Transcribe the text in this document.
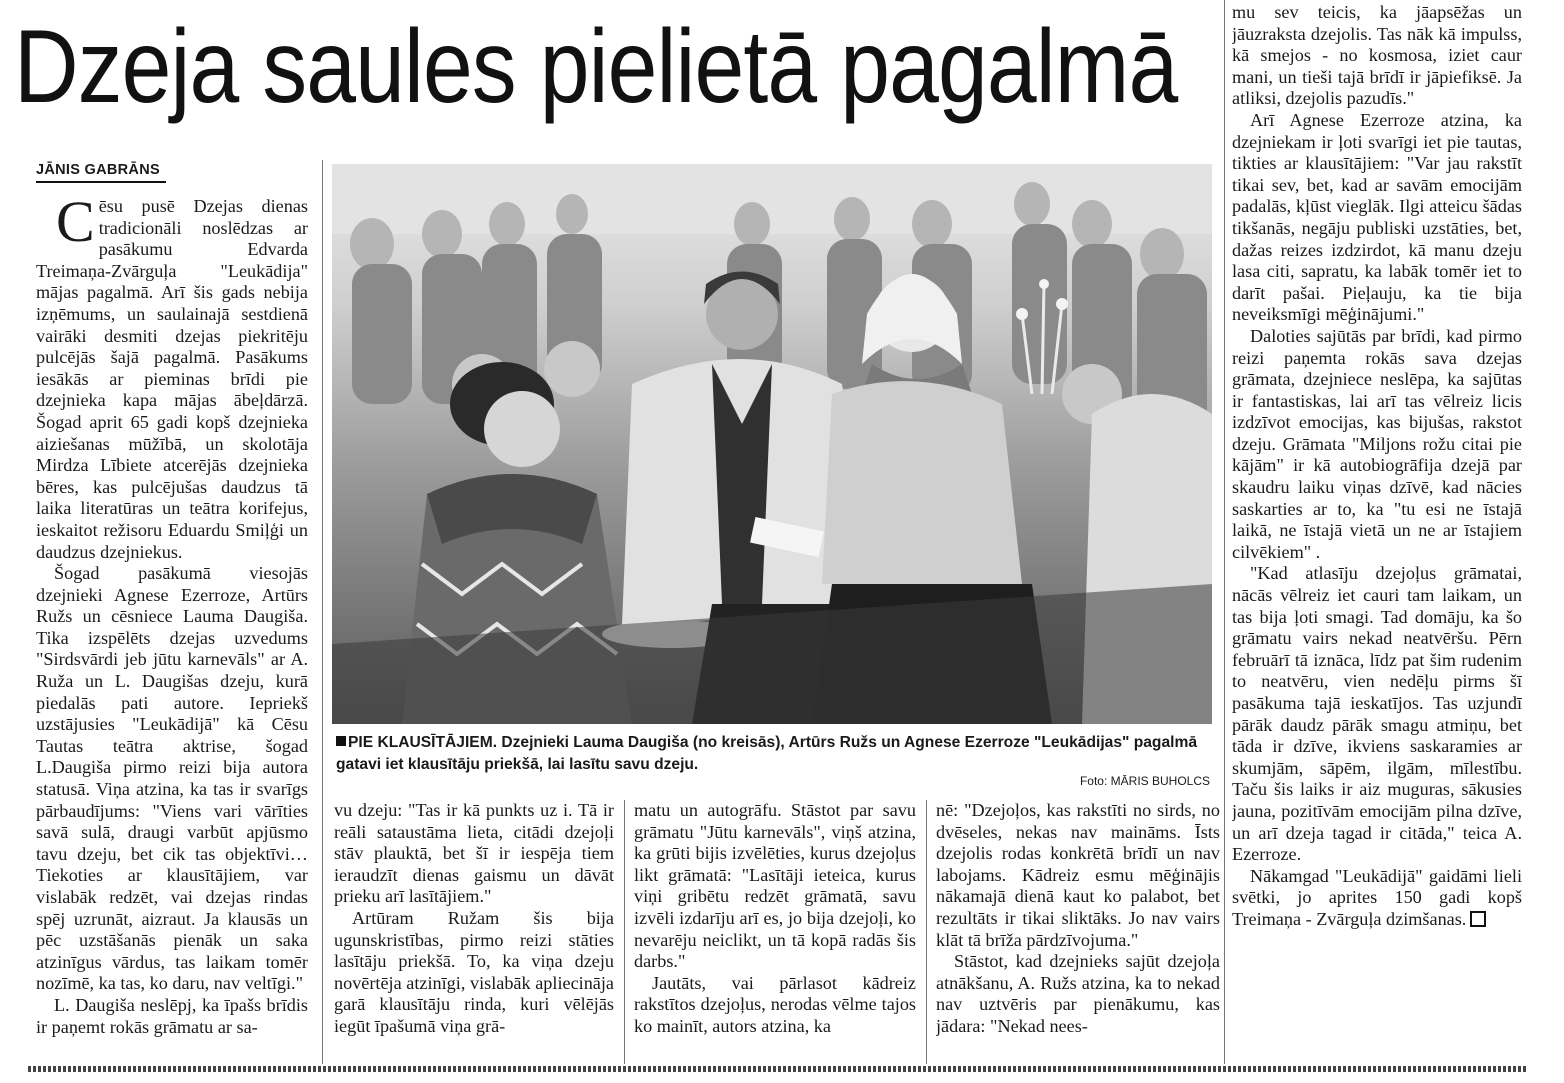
Dzeja saules pielietā pagalmā
JĀNIS GABRĀNS

Cēsu pusē Dzejas dienas tradicionāli noslēdzas ar pasākumu Edvarda Treimaņa-Zvārguļa "Leukādija" mājas pagalmā. Arī šis gads nebija izņēmums, un saulainajā sestdienā vairāki desmiti dzejas piekritēju pulcējās šajā pagalmā. Pasākums iesākās ar pieminas brīdi pie dzejnieka kapa mājas ābeļdārzā. Šogad aprit 65 gadi kopš dzejnieka aiziešanas mūžībā, un skolotāja Mirdza Lībiete atcerējās dzejnieka bēres, kas pulcējušas daudzus tā laika literatūras un teātra korifejus, ieskaitot režisoru Eduardu Smiļģi un daudzus dzejniekus.

Šogad pasākumā viesojās dzejnieki Agnese Ezerroze, Artūrs Ružs un cēsniece Lauma Daugiša. Tika izspēlēts dzejas uzvedums "Sirdsvārdi jeb jūtu karnevāls" ar A. Ruža un L. Daugišas dzeju, kurā piedalās pati autore. Iepriekš uzstājusies "Leukādijā" kā Cēsu Tautas teātra aktrise, šogad L.Daugiša pirmo reizi bija autora statusā. Viņa atzina, ka tas ir svarīgs pārbaudījums: "Viens vari vārīties savā sulā, draugi varbūt apjūsmo tavu dzeju, bet cik tas objektīvi… Tiekoties ar klausītājiem, var vislabāk redzēt, vai dzejas rindas spēj uzrunāt, aizraut. Ja klausās un pēc uzstāšanās pienāk un saka atzinīgus vārdus, tas laikam tomēr nozīmē, ka tas, ko daru, nav veltīgi."

L. Daugiša neslēpj, ka īpašs brīdis ir paņemt rokās grāmatu ar sa-

PIE KLAUSĪTĀJIEM. Dzejnieki Lauma Daugiša (no kreisās), Artūrs Ružs un Agnese Ezerroze "Leukādijas" pagalmā gatavi iet klausītāju priekšā, lai lasītu savu dzeju.
Foto: MĀRIS BUHOLCS

vu dzeju: "Tas ir kā punkts uz i. Tā ir reāli sataustāma lieta, citādi dzejoļi stāv plauktā, bet šī ir iespēja tiem ieraudzīt dienas gaismu un dāvāt prieku arī lasītājiem."

Artūram Ružam šis bija ugunskristības, pirmo reizi stāties lasītāju priekšā. To, ka viņa dzeju novērtēja atzinīgi, vislabāk apliecināja garā klausītāju rinda, kuri vēlējās iegūt īpašumā viņa grā-

matu un autogrāfu. Stāstot par savu grāmatu "Jūtu karnevāls", viņš atzina, ka grūti bijis izvēlēties, kurus dzejoļus likt grāmatā: "Lasītāji ieteica, kurus viņi gribētu redzēt grāmatā, savu izvēli izdarīju arī es, jo bija dzejoļi, ko nevarēju neiclikt, un tā kopā radās šis darbs."

Jautāts, vai pārlasot kādreiz rakstītos dzejoļus, nerodas vēlme tajos ko mainīt, autors atzina, ka

nē: "Dzejoļos, kas rakstīti no sirds, no dvēseles, nekas nav maināms. Īsts dzejolis rodas konkrētā brīdī un nav labojams. Kādreiz esmu mēģinājis nākamajā dienā kaut ko palabot, bet rezultāts ir tikai sliktāks. Jo nav vairs klāt tā brīža pārdzīvojuma."

Stāstot, kad dzejnieks sajūt dzejoļa atnākšanu, A. Ružs atzina, ka to nekad nav uztvēris par pienākumu, kas jādara: "Nekad nees-

mu sev teicis, ka jāapsēžas un jāuzraksta dzejolis. Tas nāk kā impulss, kā smejos - no kosmosa, iziet caur mani, un tieši tajā brīdī ir jāpiefiksē. Ja atliksi, dzejolis pazudīs."

Arī Agnese Ezerroze atzina, ka dzejniekam ir ļoti svarīgi iet pie tautas, tikties ar klausītājiem: "Var jau rakstīt tikai sev, bet, kad ar savām emocijām padalās, kļūst vieglāk. Ilgi atteicu šādas tikšanās, negāju publiski uzstāties, bet, dažas reizes izdzirdot, kā manu dzeju lasa citi, sapratu, ka labāk tomēr iet to darīt pašai. Pieļauju, ka tie bija neveiksmīgi mēģinājumi."

Daloties sajūtās par brīdi, kad pirmo reizi paņemta rokās sava dzejas grāmata, dzejniece neslēpa, ka sajūtas ir fantastiskas, lai arī tas vēlreiz licis izdzīvot emocijas, kas bijušas, rakstot dzeju. Grāmata "Miljons rožu citai pie kājām" ir kā autobiogrāfija dzejā par skaudru laiku viņas dzīvē, kad nācies saskarties ar to, ka "tu esi ne īstajā laikā, ne īstajā vietā un ne ar īstajiem cilvēkiem" .

"Kad atlasīju dzejoļus grāmatai, nācās vēlreiz iet cauri tam laikam, un tas bija ļoti smagi. Tad domāju, ka šo grāmatu vairs nekad neatvēršu. Pērn februārī tā iznāca, līdz pat šim rudenim to neatvēru, vien nedēļu pirms šī pasākuma tajā ieskatījos. Tas uzjundī pārāk daudz pārāk smagu atmiņu, bet tāda ir dzīve, ikviens saskaramies ar skumjām, sāpēm, ilgām, mīlestību. Taču šis laiks ir aiz muguras, sākusies jauna, pozitīvām emocijām pilna dzīve, un arī dzeja tagad ir citāda," teica A. Ezerroze.

Nākamgad "Leukādijā" gaidāmi lieli svētki, jo aprites 150 gadi kopš Treimaņa - Zvārguļa dzimšanas.
